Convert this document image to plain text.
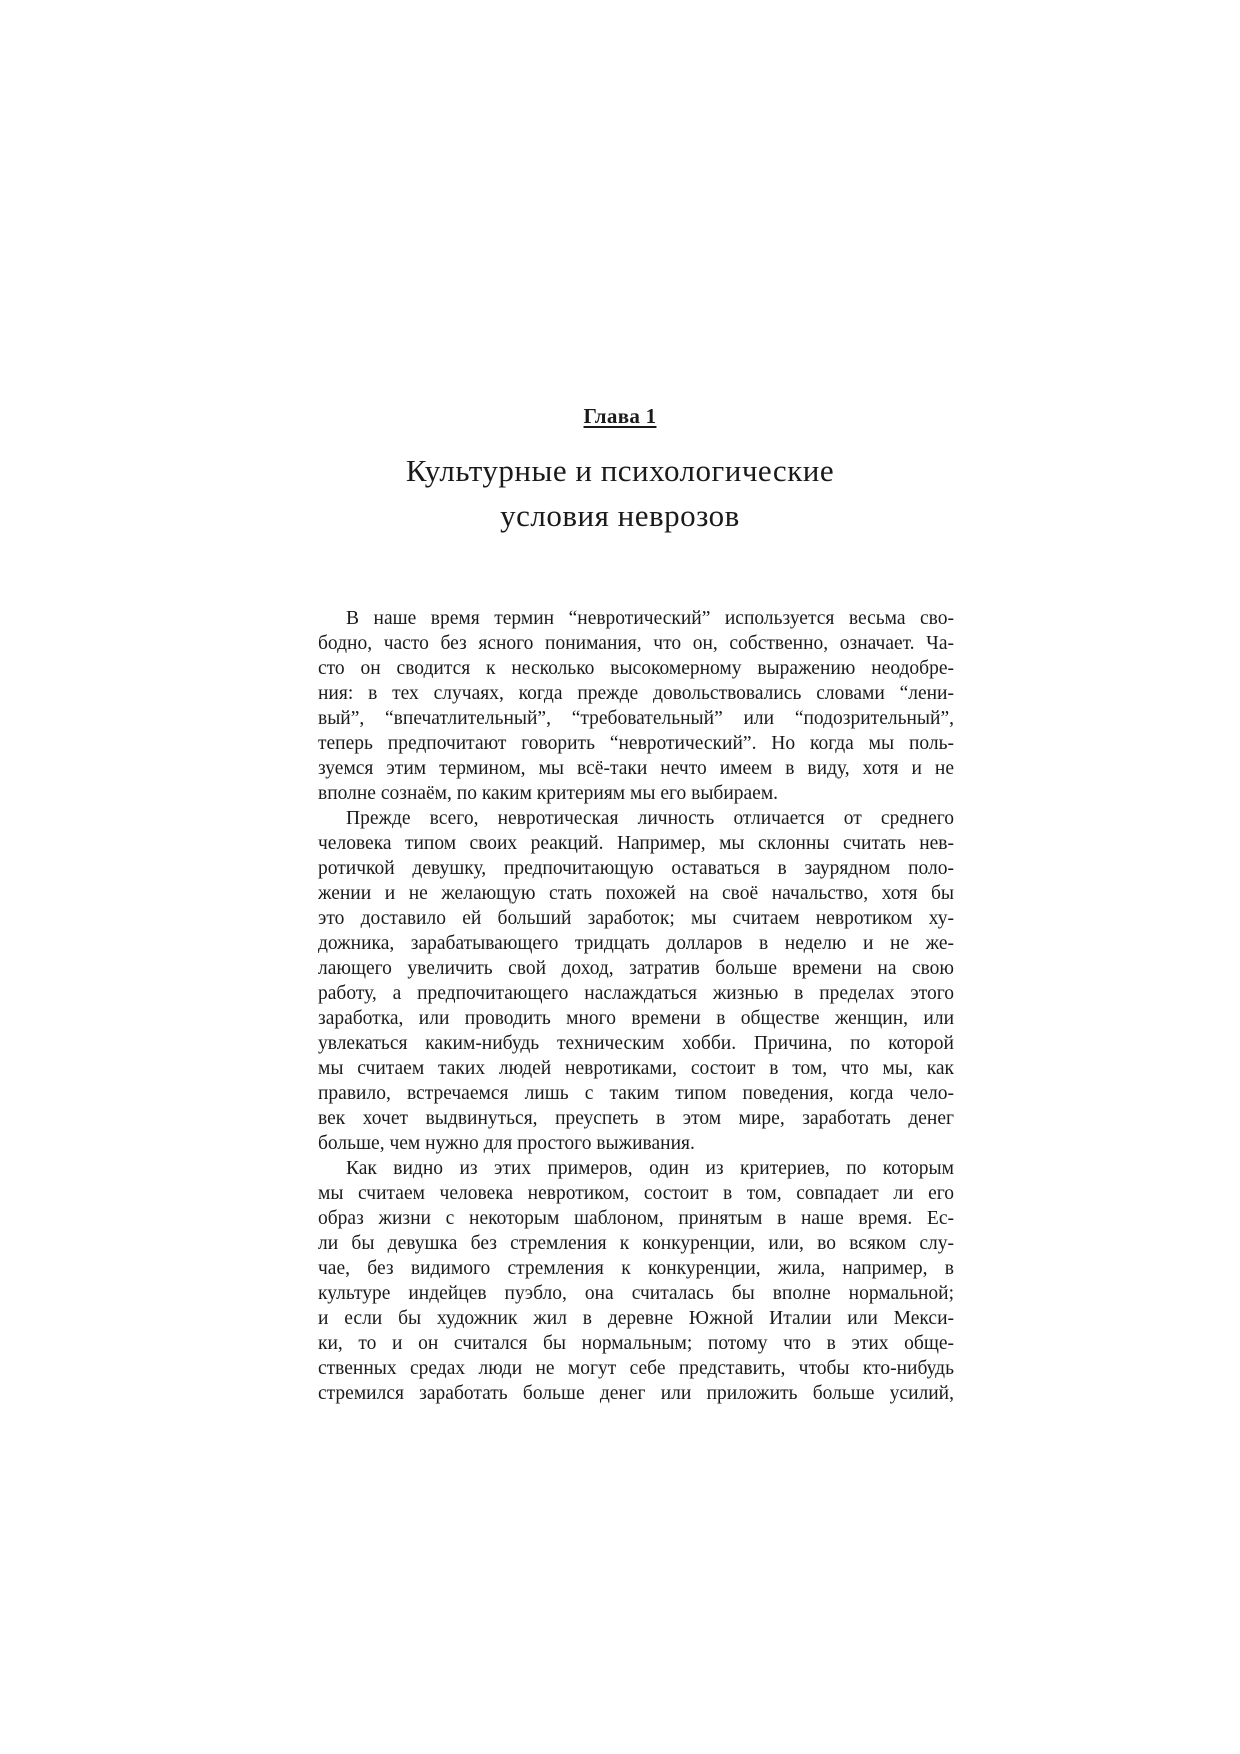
Глава 1
Культурные и психологические
условия неврозов
В наше время термин “невротический” используется весьма сво-
бодно, часто без ясного понимания, что он, собственно, означает. Ча-
сто он сводится к несколько высокомерному выражению неодобре-
ния: в тех случаях, когда прежде довольствовались словами “лени-
вый”, “впечатлительный”, “требовательный” или “подозрительный”,
теперь предпочитают говорить “невротический”. Но когда мы поль-
зуемся этим термином, мы всё-таки нечто имеем в виду, хотя и не
вполне сознаём, по каким критериям мы его выбираем.
Прежде всего, невротическая личность отличается от среднего
человека типом своих реакций. Например, мы склонны считать нев-
ротичкой девушку, предпочитающую оставаться в заурядном поло-
жении и не желающую стать похожей на своё начальство, хотя бы
это доставило ей больший заработок; мы считаем невротиком ху-
дожника, зарабатывающего тридцать долларов в неделю и не же-
лающего увеличить свой доход, затратив больше времени на свою
работу, а предпочитающего наслаждаться жизнью в пределах этого
заработка, или проводить много времени в обществе женщин, или
увлекаться каким-нибудь техническим хобби. Причина, по которой
мы считаем таких людей невротиками, состоит в том, что мы, как
правило, встречаемся лишь с таким типом поведения, когда чело-
век хочет выдвинуться, преуспеть в этом мире, заработать денег
больше, чем нужно для простого выживания.
Как видно из этих примеров, один из критериев, по которым
мы считаем человека невротиком, состоит в том, совпадает ли его
образ жизни с некоторым шаблоном, принятым в наше время. Ес-
ли бы девушка без стремления к конкуренции, или, во всяком слу-
чае, без видимого стремления к конкуренции, жила, например, в
культуре индейцев пуэбло, она считалась бы вполне нормальной;
и если бы художник жил в деревне Южной Италии или Мекси-
ки, то и он считался бы нормальным; потому что в этих обще-
ственных средах люди не могут себе представить, чтобы кто-нибудь
стремился заработать больше денег или приложить больше усилий,
